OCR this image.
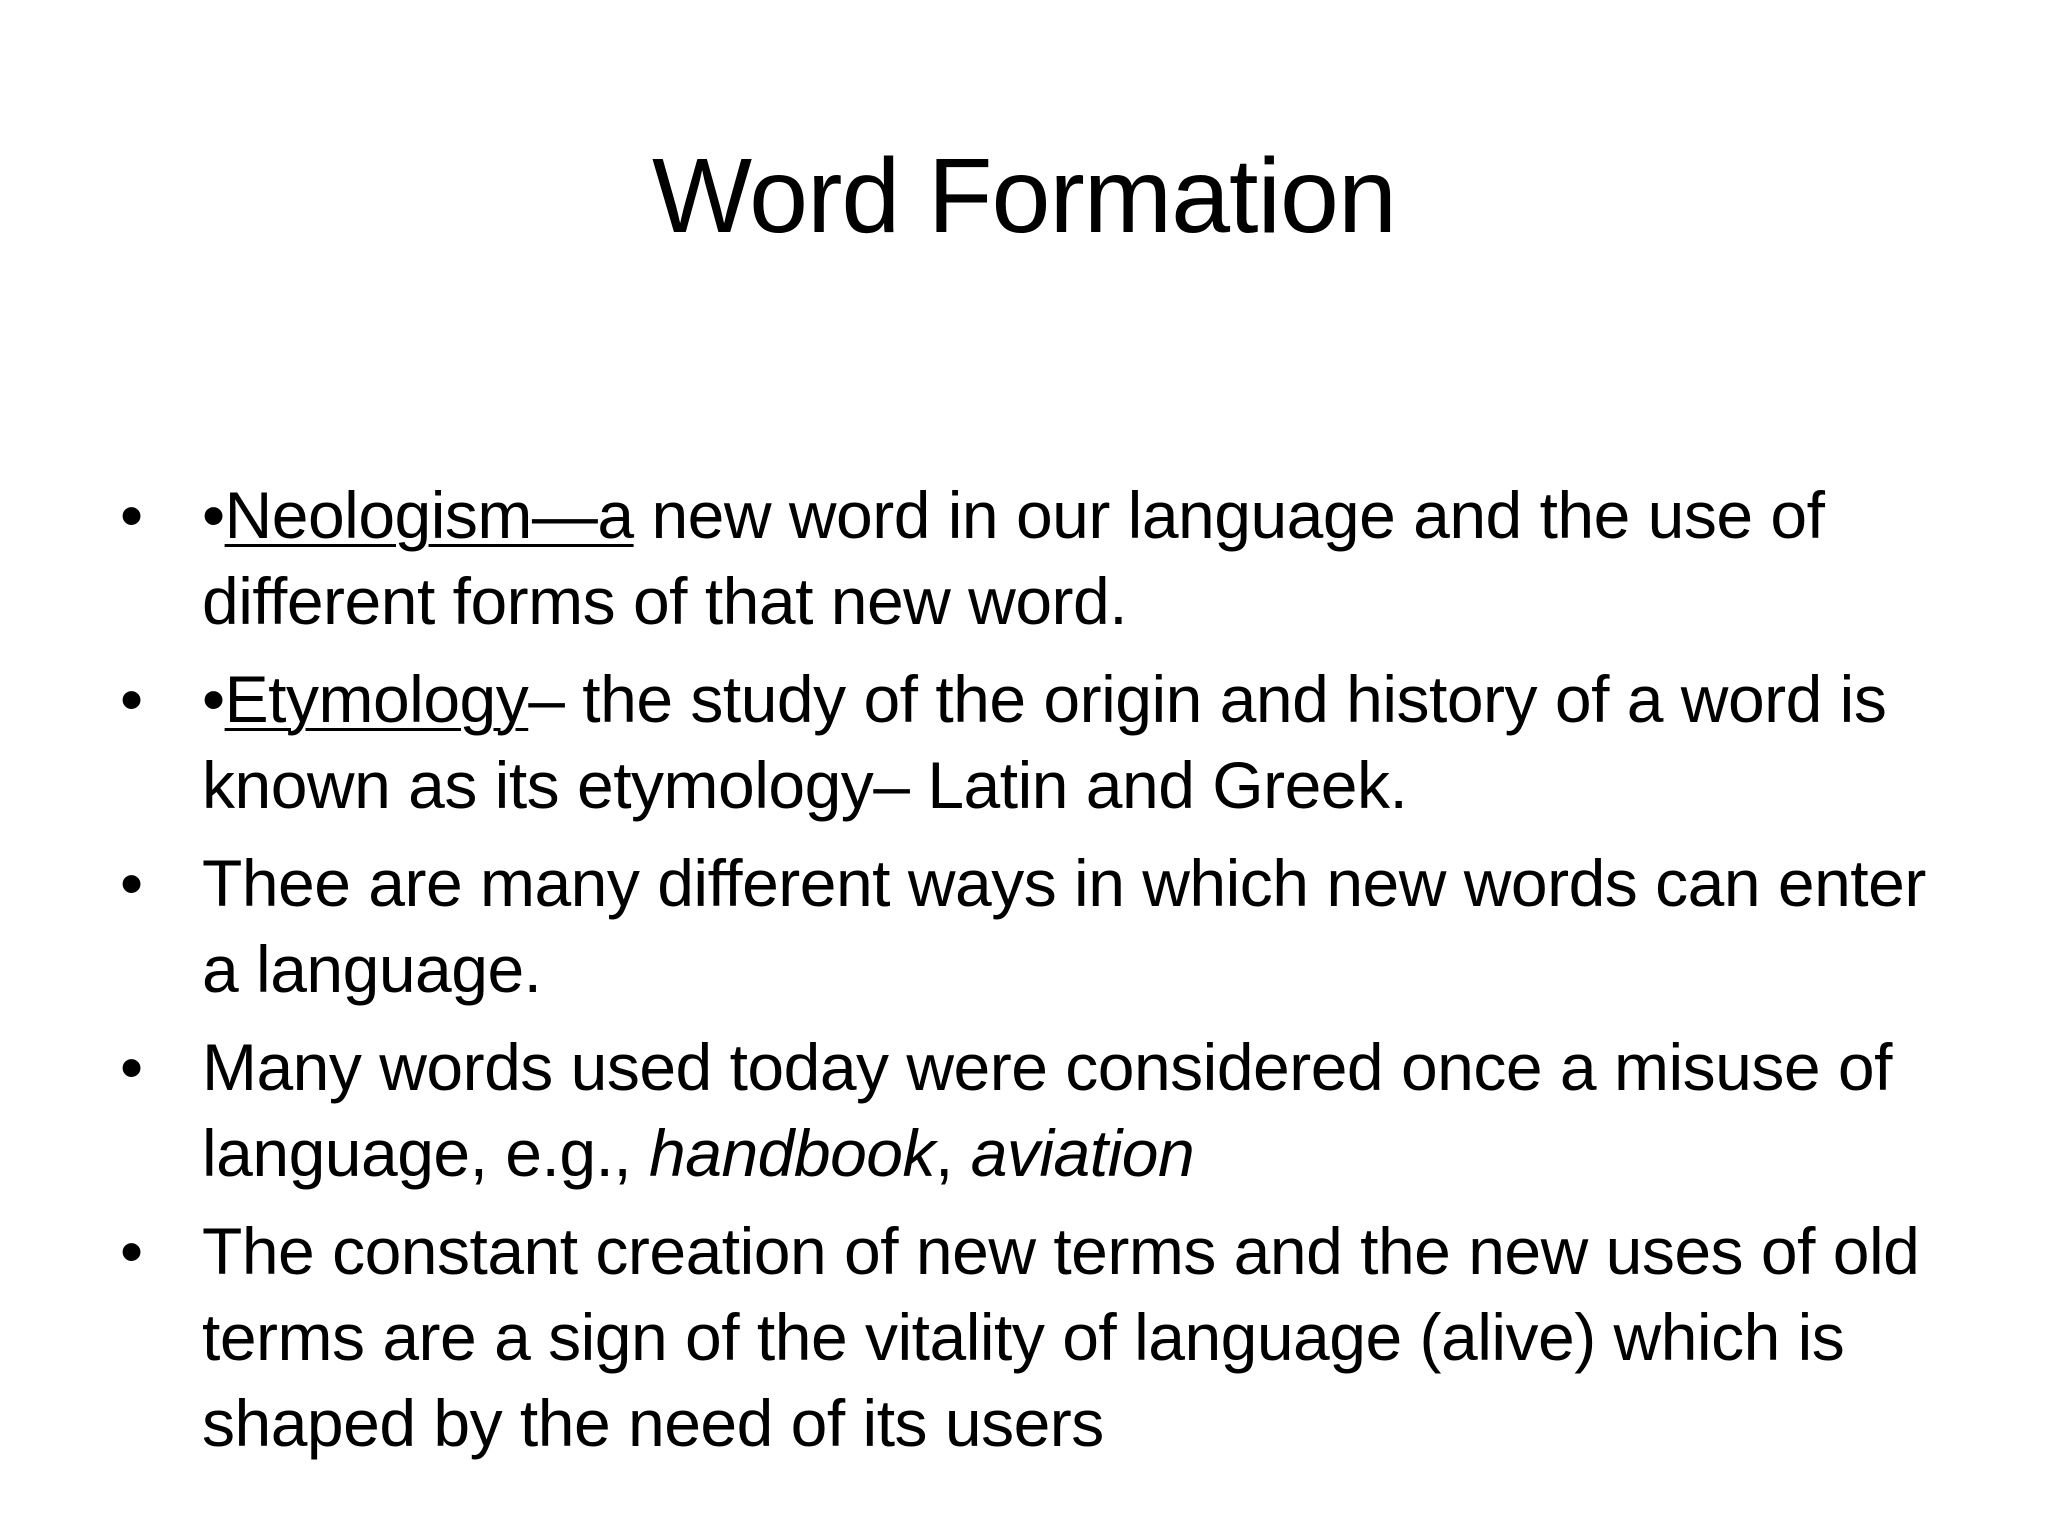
Word Formation
• •Neologism—a new word in our language and the use of different forms of that new word.
• •Etymology– the study of the origin and history of a word is known as its etymology– Latin and Greek.
• Thee are many different ways in which new words can enter a language.
• Many words used today were considered once a misuse of language, e.g., handbook, aviation
• The constant creation of new terms and the new uses of old terms are a sign of the vitality of language (alive) which is shaped by the need of its users
